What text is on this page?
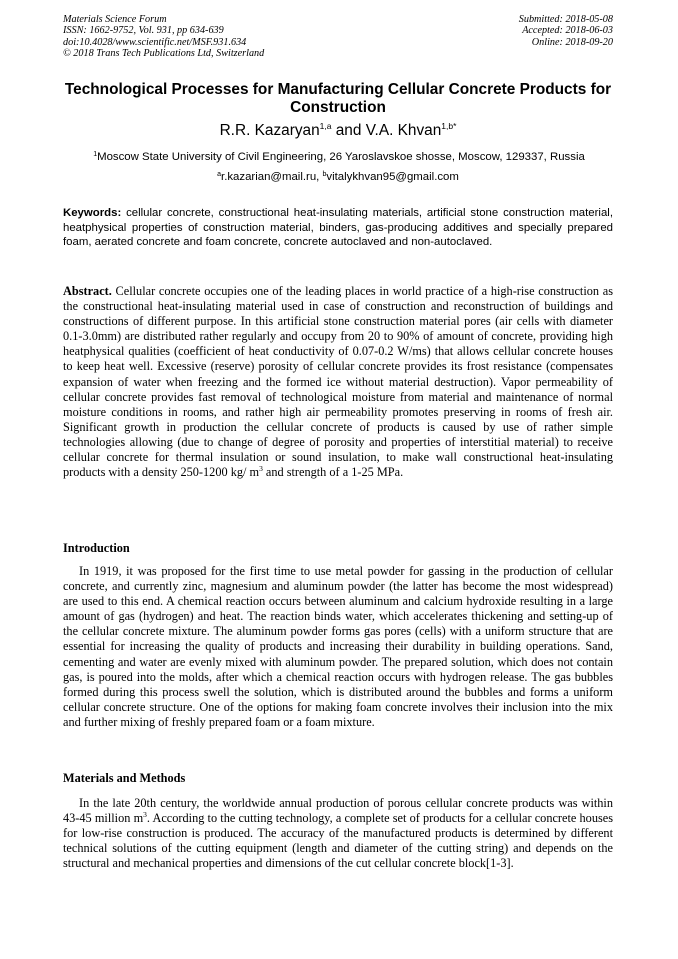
Materials Science Forum
ISSN: 1662-9752, Vol. 931, pp 634-639
doi:10.4028/www.scientific.net/MSF.931.634
© 2018 Trans Tech Publications Ltd, Switzerland
Submitted: 2018-05-08
Accepted: 2018-06-03
Online: 2018-09-20
Technological Processes for Manufacturing Cellular Concrete Products for Construction
R.R. Kazaryan$^{1,a}$ and V.A. Khvan$^{1,b*}$
$^1$Moscow State University of Civil Engineering, 26 Yaroslavskoe shosse, Moscow, 129337, Russia
$^a$r.kazarian@mail.ru, $^b$vitalykhvan95@gmail.com
Keywords: cellular concrete, constructional heat-insulating materials, artificial stone construction material, heatphysical properties of construction material, binders, gas-producing additives and specially prepared foam, aerated concrete and foam concrete, concrete autoclaved and non-autoclaved.
Abstract. Cellular concrete occupies one of the leading places in world practice of a high-rise construction as the constructional heat-insulating material used in case of construction and reconstruction of buildings and constructions of different purpose. In this artificial stone construction material pores (air cells with diameter 0.1-3.0mm) are distributed rather regularly and occupy from 20 to 90% of amount of concrete, providing high heatphysical qualities (coefficient of heat conductivity of 0.07-0.2 W/ms) that allows cellular concrete houses to keep heat well. Excessive (reserve) porosity of cellular concrete provides its frost resistance (compensates expansion of water when freezing and the formed ice without material destruction). Vapor permeability of cellular concrete provides fast removal of technological moisture from material and maintenance of normal moisture conditions in rooms, and rather high air permeability promotes preserving in rooms of fresh air. Significant growth in production the cellular concrete of products is caused by use of rather simple technologies allowing (due to change of degree of porosity and properties of interstitial material) to receive cellular concrete for thermal insulation or sound insulation, to make wall constructional heat-insulating products with a density 250-1200 kg/ $m^3$ and strength of a 1-25 MPa.
Introduction
In 1919, it was proposed for the first time to use metal powder for gassing in the production of cellular concrete, and currently zinc, magnesium and aluminum powder (the latter has become the most widespread) are used to this end. A chemical reaction occurs between aluminum and calcium hydroxide resulting in a large amount of gas (hydrogen) and heat. The reaction binds water, which accelerates thickening and setting-up of the cellular concrete mixture. The aluminum powder forms gas pores (cells) with a uniform structure that are essential for increasing the quality of products and increasing their durability in building operations. Sand, cementing and water are evenly mixed with aluminum powder. The prepared solution, which does not contain gas, is poured into the molds, after which a chemical reaction occurs with hydrogen release. The gas bubbles formed during this process swell the solution, which is distributed around the bubbles and forms a uniform cellular concrete structure. One of the options for making foam concrete involves their inclusion into the mix and further mixing of freshly prepared foam or a foam mixture.
Materials and Methods
In the late 20th century, the worldwide annual production of porous cellular concrete products was within 43-45 million $m^3$. According to the cutting technology, a complete set of products for a cellular concrete houses for low-rise construction is produced. The accuracy of the manufactured products is determined by different technical solutions of the cutting equipment (length and diameter of the cutting string) and depends on the structural and mechanical properties and dimensions of the cut cellular concrete block[1-3].
